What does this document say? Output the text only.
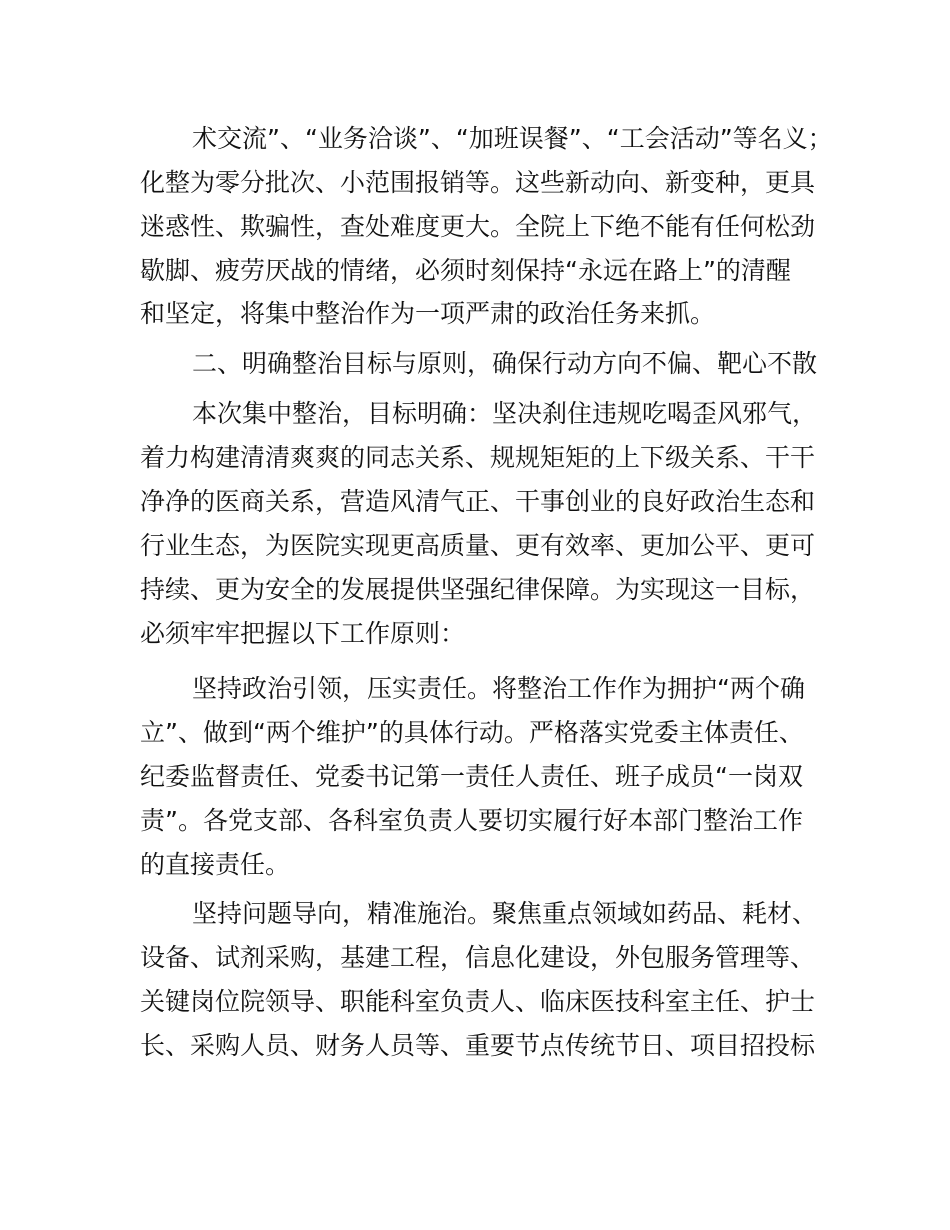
术交流”、“业务洽谈”、“加班误餐”、“工会活动”等名义；

化整为零分批次、小范围报销等。这些新动向、新变种，更具

迷惑性、欺骗性，查处难度更大。全院上下绝不能有任何松劲

歇脚、疲劳厌战的情绪，必须时刻保持“永远在路上”的清醒

和坚定，将集中整治作为一项严肃的政治任务来抓。

二、明确整治目标与原则，确保行动方向不偏、靶心不散

本次集中整治，目标明确：坚决刹住违规吃喝歪风邪气，

着力构建清清爽爽的同志关系、规规矩矩的上下级关系、干干

净净的医商关系，营造风清气正、干事创业的良好政治生态和

行业生态，为医院实现更高质量、更有效率、更加公平、更可

持续、更为安全的发展提供坚强纪律保障。为实现这一目标，

必须牢牢把握以下工作原则：

坚持政治引领，压实责任。将整治工作作为拥护“两个确

立”、做到“两个维护”的具体行动。严格落实党委主体责任、

纪委监督责任、党委书记第一责任人责任、班子成员“一岗双

责”。各党支部、各科室负责人要切实履行好本部门整治工作

的直接责任。

坚持问题导向，精准施治。聚焦重点领域如药品、耗材、

设备、试剂采购，基建工程，信息化建设，外包服务管理等、

关键岗位院领导、职能科室负责人、临床医技科室主任、护士

长、采购人员、财务人员等、重要节点传统节日、项目招投标
